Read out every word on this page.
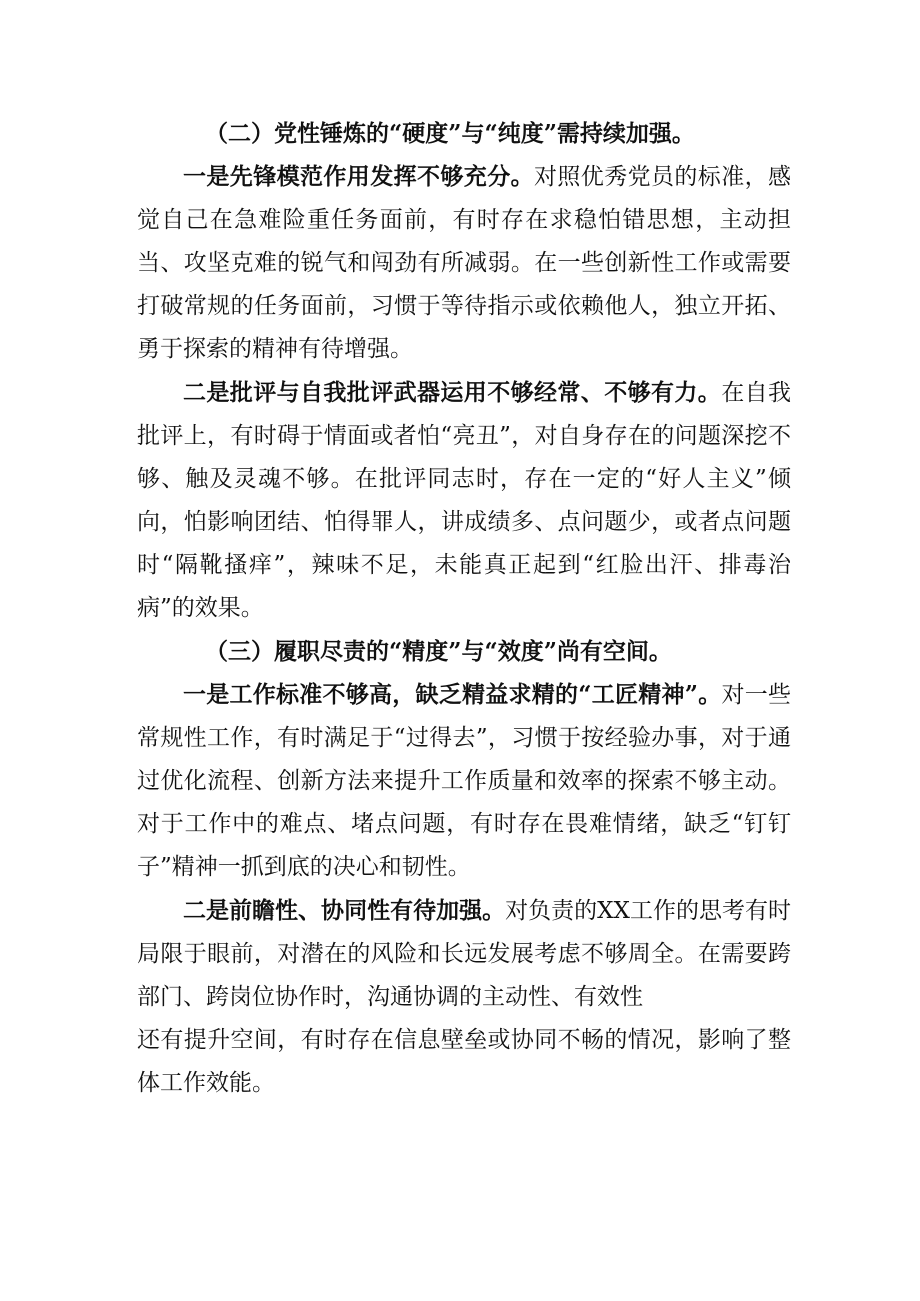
（二）党性锤炼的“硬度”与“纯度”需持续加强。

一是先锋模范作用发挥不够充分。对照优秀党员的标准，感觉自己在急难险重任务面前，有时存在求稳怕错思想，主动担当、攻坚克难的锐气和闯劲有所减弱。在一些创新性工作或需要打破常规的任务面前，习惯于等待指示或依赖他人，独立开拓、勇于探索的精神有待增强。

二是批评与自我批评武器运用不够经常、不够有力。在自我批评上，有时碍于情面或者怕“亮丑”，对自身存在的问题深挖不够、触及灵魂不够。在批评同志时，存在一定的“好人主义”倾向，怕影响团结、怕得罪人，讲成绩多、点问题少，或者点问题时“隔靴搔痒”，辣味不足，未能真正起到“红脸出汗、排毒治病”的效果。

（三）履职尽责的“精度”与“效度”尚有空间。

一是工作标准不够高，缺乏精益求精的“工匠精神”。对一些常规性工作，有时满足于“过得去”，习惯于按经验办事，对于通过优化流程、创新方法来提升工作质量和效率的探索不够主动。对于工作中的难点、堵点问题，有时存在畏难情绪，缺乏“钉钉子”精神一抓到底的决心和韧性。

二是前瞻性、协同性有待加强。对负责的XX工作的思考有时局限于眼前，对潜在的风险和长远发展考虑不够周全。在需要跨部门、跨岗位协作时，沟通协调的主动性、有效性

还有提升空间，有时存在信息壁垒或协同不畅的情况，影响了整体工作效能。
